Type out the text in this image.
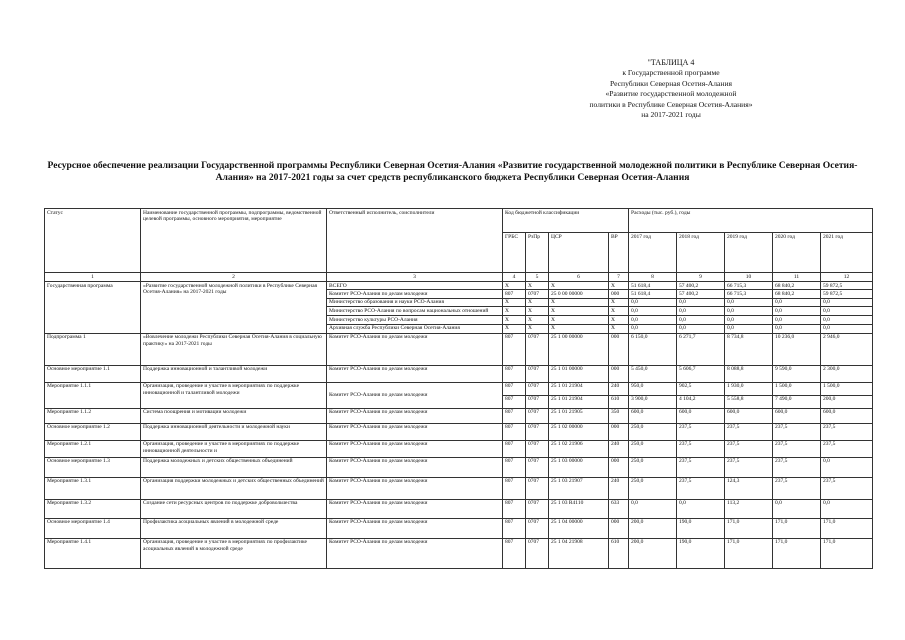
"ТАБЛИЦА 4
к Государственной программе
Республики Северная Осетия-Алания
«Развитие государственной молодежной
политики в Республике Северная Осетия-Алания»
на 2017-2021 годы
Ресурсное обеспечение реализации Государственной программы Республики Северная Осетия-Алания «Развитие государственной молодежной политики в Республике Северная Осетия-Алания» на 2017-2021 годы за счет средств республиканского бюджета Республики Северная Осетия-Алания
Статус	Наименование государственной программы, подпрограммы, ведомственной целевой программы, основного мероприятия, мероприятие	Ответственный исполнитель, соисполнители	Код бюджетной классификации				Расходы (тыс. руб.), годы				
			ГРБС	РзПр	ЦСР	ВР	2017 год	2018 год	2019 год	2020 год	2021 год
1	2	3	4	5	6	7	8	9	10	11	12
Государственная программа	«Развитие государственной молодежной политики в Республике Северная Осетия-Алания» на 2017-2021 годы	ВСЕГО	X	X	X	X	51 618,4	57 400,2	66 715,3	68 840,2	59 872,5
		Комитет РСО-Алания по делам молодежи	807	0707	25 0 00 00000	000	51 618,4	57 400,2	66 715,3	68 840,2	59 872,5
		Министерство образования и науки РСО-Алания	X	X	X	X	0,0	0,0	0,0	0,0	0,0
		Министерство РСО-Алания по вопросам национальных отношений	X	X	X	X	0,0	0,0	0,0	0,0	0,0
		Министерство культуры РСО-Алания	X	X	X	X	0,0	0,0	0,0	0,0	0,0
		Архивная служба Республики Северная Осетия-Алания	X	X	X	X	0,0	0,0	0,0	0,0	0,0
Подпрограмма 1	«Вовлечение молодежи Республики Северная Осетия-Алания в социальную практику» на 2017-2021 годы	Комитет РСО-Алания по делам молодежи	807	0707	25 1 00 00000	000	6 150,0	6 271,7	8 734,8	10 236,0	2 946,0
Основное мероприятие 1.1	Поддержка инновационной и талантливой молодежи	Комитет РСО-Алания по делам молодежи	807	0707	25 1 01 00000	000	5 450,0	5 606,7	8 088,8	9 590,0	2 300,0
Мероприятие 1.1.1	Организация, проведение и участие в мероприятиях по поддержке инновационной и талантливой молодежи	Комитет РСО-Алания по делам молодежи	807	0707	25 1 01 21904	240	950,0	902,5	1 930,0	1 500,0	1 500,0
			807	0707	25 1 01 21904	610	3 900,0	4 104,2	5 558,8	7 490,0	200,0
Мероприятие 1.1.2	Система поощрения и мотивации молодежи	Комитет РСО-Алания по делам молодежи	807	0707	25 1 01 21905	350	600,0	600,0	600,0	600,0	600,0
Основное мероприятие 1.2	Поддержка инновационной деятельности и молодежной науки	Комитет РСО-Алания по делам молодежи	807	0707	25 1 02 00000	000	250,0	237,5	237,5	237,5	237,5
Мероприятие 1.2.1	Организация, проведение и участие в мероприятиях по поддержке инновационной деятельности и	Комитет РСО-Алания по делам молодежи	807	0707	25 1 02 21906	240	250,0	237,5	237,5	237,5	237,5
Основное мероприятие 1.3	Поддержка молодежных и детских общественных объединений	Комитет РСО-Алания по делам молодежи	807	0707	25 1 03 00000	000	250,0	237,5	237,5	237,5	0,0
Мероприятие 1.3.1	Организация поддержки молодежных и детских общественных объединений	Комитет РСО-Алания по делам молодежи	807	0707	25 1 03 21907	240	250,0	237,5	124,3	237,5	237,5
Мероприятие 1.3.2	Создание сети ресурсных центров по поддержке добровольчества	Комитет РСО-Алания по делам молодежи	807	0707	25 1 03 R4110	633	0,0	0,0	113,2	0,0	0,0
Основное мероприятие 1.4	Профилактика асоциальных явлений в молодежной среде	Комитет РСО-Алания по делам молодежи	807	0707	25 1 04 00000	000	200,0	190,0	171,0	171,0	171,0
Мероприятие 1.4.1	Организация, проведение и участие в мероприятиях по профилактике асоциальных явлений в молодежной среде	Комитет РСО-Алания по делам молодежи	807	0707	25 1 04 21908	610	200,0	190,0	171,0	171,0	171,0
